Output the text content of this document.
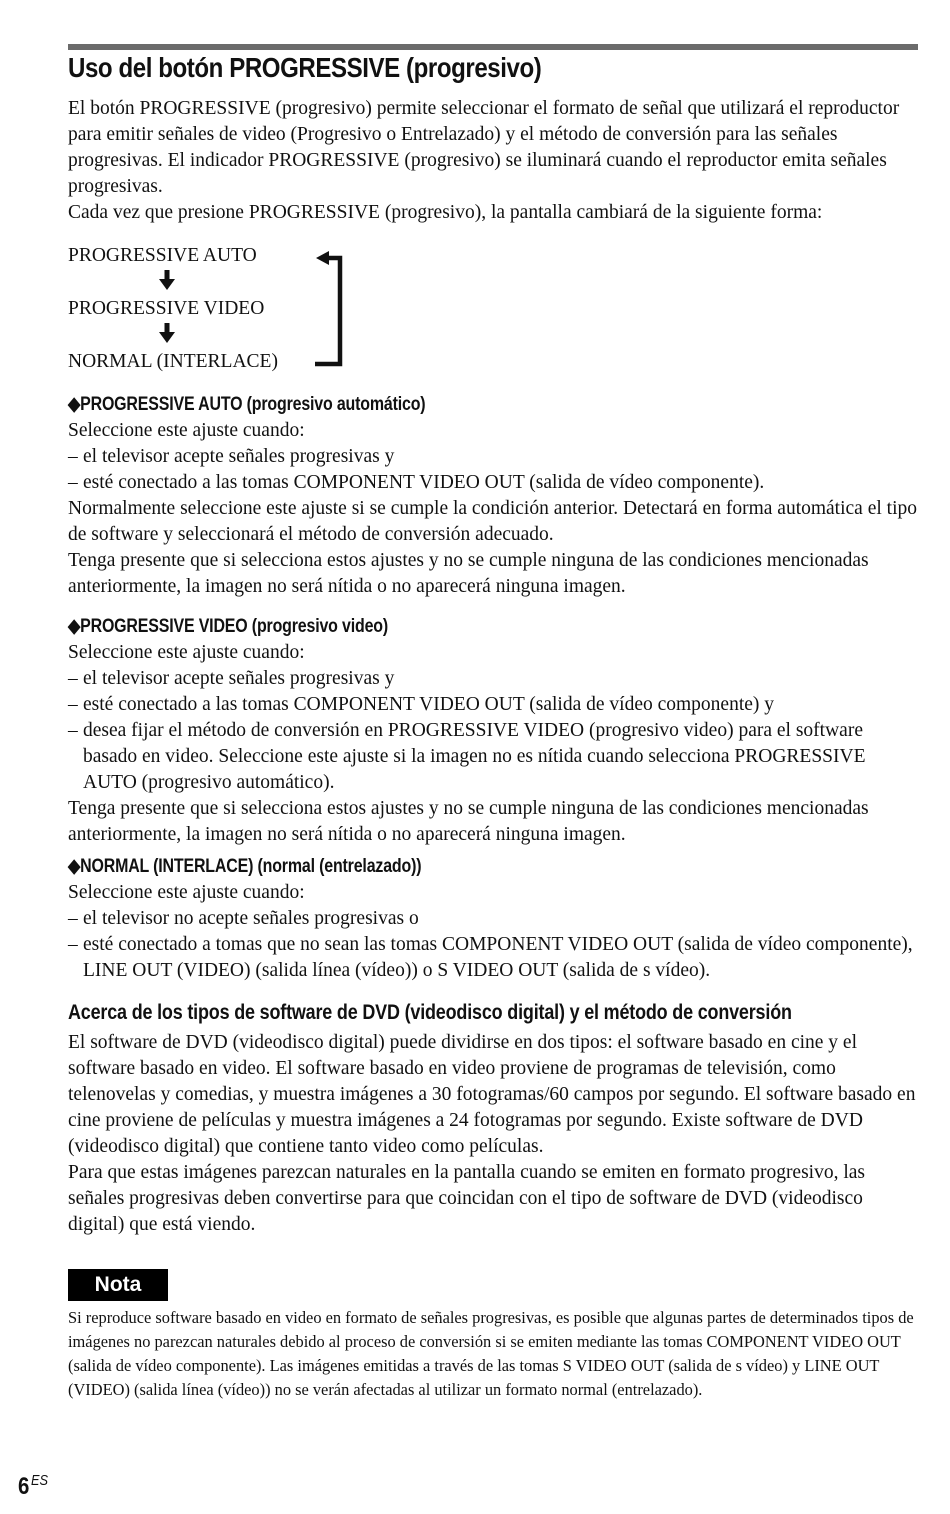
Uso del botón PROGRESSIVE (progresivo)

El botón PROGRESSIVE (progresivo) permite seleccionar el formato de señal que utilizará el reproductor para emitir señales de video (Progresivo o Entrelazado) y el método de conversión para las señales progresivas. El indicador PROGRESSIVE (progresivo) se iluminará cuando el reproductor emita señales progresivas.

Cada vez que presione PROGRESSIVE (progresivo), la pantalla cambiará de la siguiente forma:

PROGRESSIVE AUTO
PROGRESSIVE VIDEO
NORMAL (INTERLACE)
◆PROGRESSIVE AUTO (progresivo automático)

Seleccione este ajuste cuando:

– el televisor acepte señales progresivas y

– esté conectado a las tomas COMPONENT VIDEO OUT (salida de vídeo componente).

Normalmente seleccione este ajuste si se cumple la condición anterior. Detectará en forma automática el tipo de software y seleccionará el método de conversión adecuado.

Tenga presente que si selecciona estos ajustes y no se cumple ninguna de las condiciones mencionadas anteriormente, la imagen no será nítida o no aparecerá ninguna imagen.

◆PROGRESSIVE VIDEO (progresivo video)

Seleccione este ajuste cuando:

– el televisor acepte señales progresivas y

– esté conectado a las tomas COMPONENT VIDEO OUT (salida de vídeo componente) y

– desea fijar el método de conversión en PROGRESSIVE VIDEO (progresivo video) para el software basado en video. Seleccione este ajuste si la imagen no es nítida cuando selecciona PROGRESSIVE AUTO (progresivo automático).

Tenga presente que si selecciona estos ajustes y no se cumple ninguna de las condiciones mencionadas anteriormente, la imagen no será nítida o no aparecerá ninguna imagen.

◆NORMAL (INTERLACE) (normal (entrelazado))

Seleccione este ajuste cuando:

– el televisor no acepte señales progresivas o

– esté conectado a tomas que no sean las tomas COMPONENT VIDEO OUT (salida de vídeo componente), LINE OUT (VIDEO) (salida línea (vídeo)) o S VIDEO OUT (salida de s vídeo).

Acerca de los tipos de software de DVD (videodisco digital) y el método de conversión

El software de DVD (videodisco digital) puede dividirse en dos tipos: el software basado en cine y el software basado en video. El software basado en video proviene de programas de televisión, como telenovelas y comedias, y muestra imágenes a 30 fotogramas/60 campos por segundo. El software basado en cine proviene de películas y muestra imágenes a 24 fotogramas por segundo. Existe software de DVD (videodisco digital) que contiene tanto video como películas.

Para que estas imágenes parezcan naturales en la pantalla cuando se emiten en formato progresivo, las señales progresivas deben convertirse para que coincidan con el tipo de software de DVD (videodisco digital) que está viendo.

Nota
Si reproduce software basado en video en formato de señales progresivas, es posible que algunas partes de determinados tipos de imágenes no parezcan naturales debido al proceso de conversión si se emiten mediante las tomas COMPONENT VIDEO OUT (salida de vídeo componente). Las imágenes emitidas a través de las tomas S VIDEO OUT (salida de s vídeo) y LINE OUT (VIDEO) (salida línea (vídeo)) no se verán afectadas al utilizar un formato normal (entrelazado).
6 $^{ES}$
